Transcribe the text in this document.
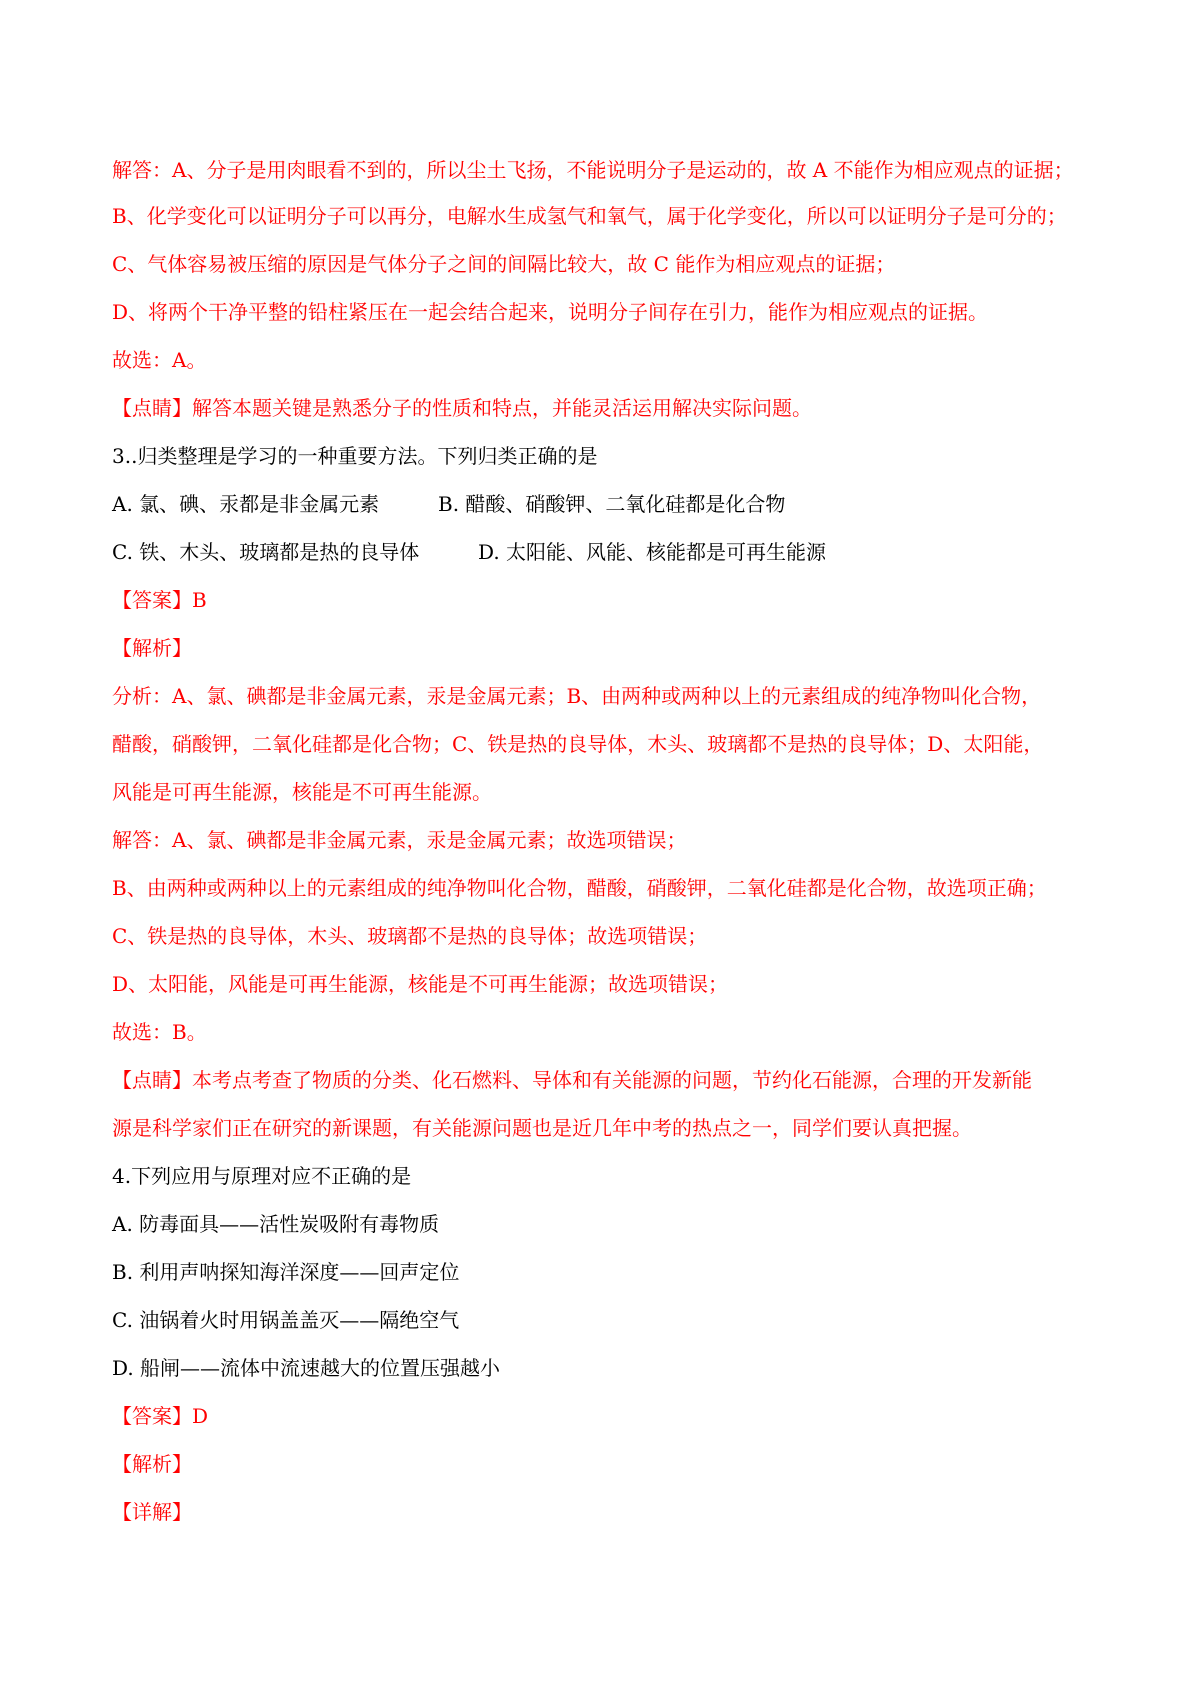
解答：A、分子是用肉眼看不到的，所以尘土飞扬，不能说明分子是运动的，故 A 不能作为相应观点的证据；
B、化学变化可以证明分子可以再分，电解水生成氢气和氧气，属于化学变化，所以可以证明分子是可分的；
C、气体容易被压缩的原因是气体分子之间的间隔比较大，故 C 能作为相应观点的证据；
D、将两个干净平整的铅柱紧压在一起会结合起来，说明分子间存在引力，能作为相应观点的证据。
故选：A。
【点睛】解答本题关键是熟悉分子的性质和特点，并能灵活运用解决实际问题。
3..归类整理是学习的一种重要方法。下列归类正确的是
A. 氯、碘、汞都是非金属元素	B. 醋酸、硝酸钾、二氧化硅都是化合物
C. 铁、木头、玻璃都是热的良导体	D. 太阳能、风能、核能都是可再生能源
【答案】B
【解析】
分析：A、氯、碘都是非金属元素，汞是金属元素；B、由两种或两种以上的元素组成的纯净物叫化合物，
醋酸，硝酸钾，二氧化硅都是化合物；C、铁是热的良导体，木头、玻璃都不是热的良导体；D、太阳能，
风能是可再生能源，核能是不可再生能源。
解答：A、氯、碘都是非金属元素，汞是金属元素；故选项错误；
B、由两种或两种以上的元素组成的纯净物叫化合物，醋酸，硝酸钾，二氧化硅都是化合物，故选项正确；
C、铁是热的良导体，木头、玻璃都不是热的良导体；故选项错误；
D、太阳能，风能是可再生能源，核能是不可再生能源；故选项错误；
故选：B。
【点睛】本考点考查了物质的分类、化石燃料、导体和有关能源的问题，节约化石能源，合理的开发新能
源是科学家们正在研究的新课题，有关能源问题也是近几年中考的热点之一，同学们要认真把握。
4.下列应用与原理对应不正确的是
A. 防毒面具——活性炭吸附有毒物质
B. 利用声呐探知海洋深度——回声定位
C. 油锅着火时用锅盖盖灭——隔绝空气
D. 船闸——流体中流速越大的位置压强越小
【答案】D
【解析】
【详解】
